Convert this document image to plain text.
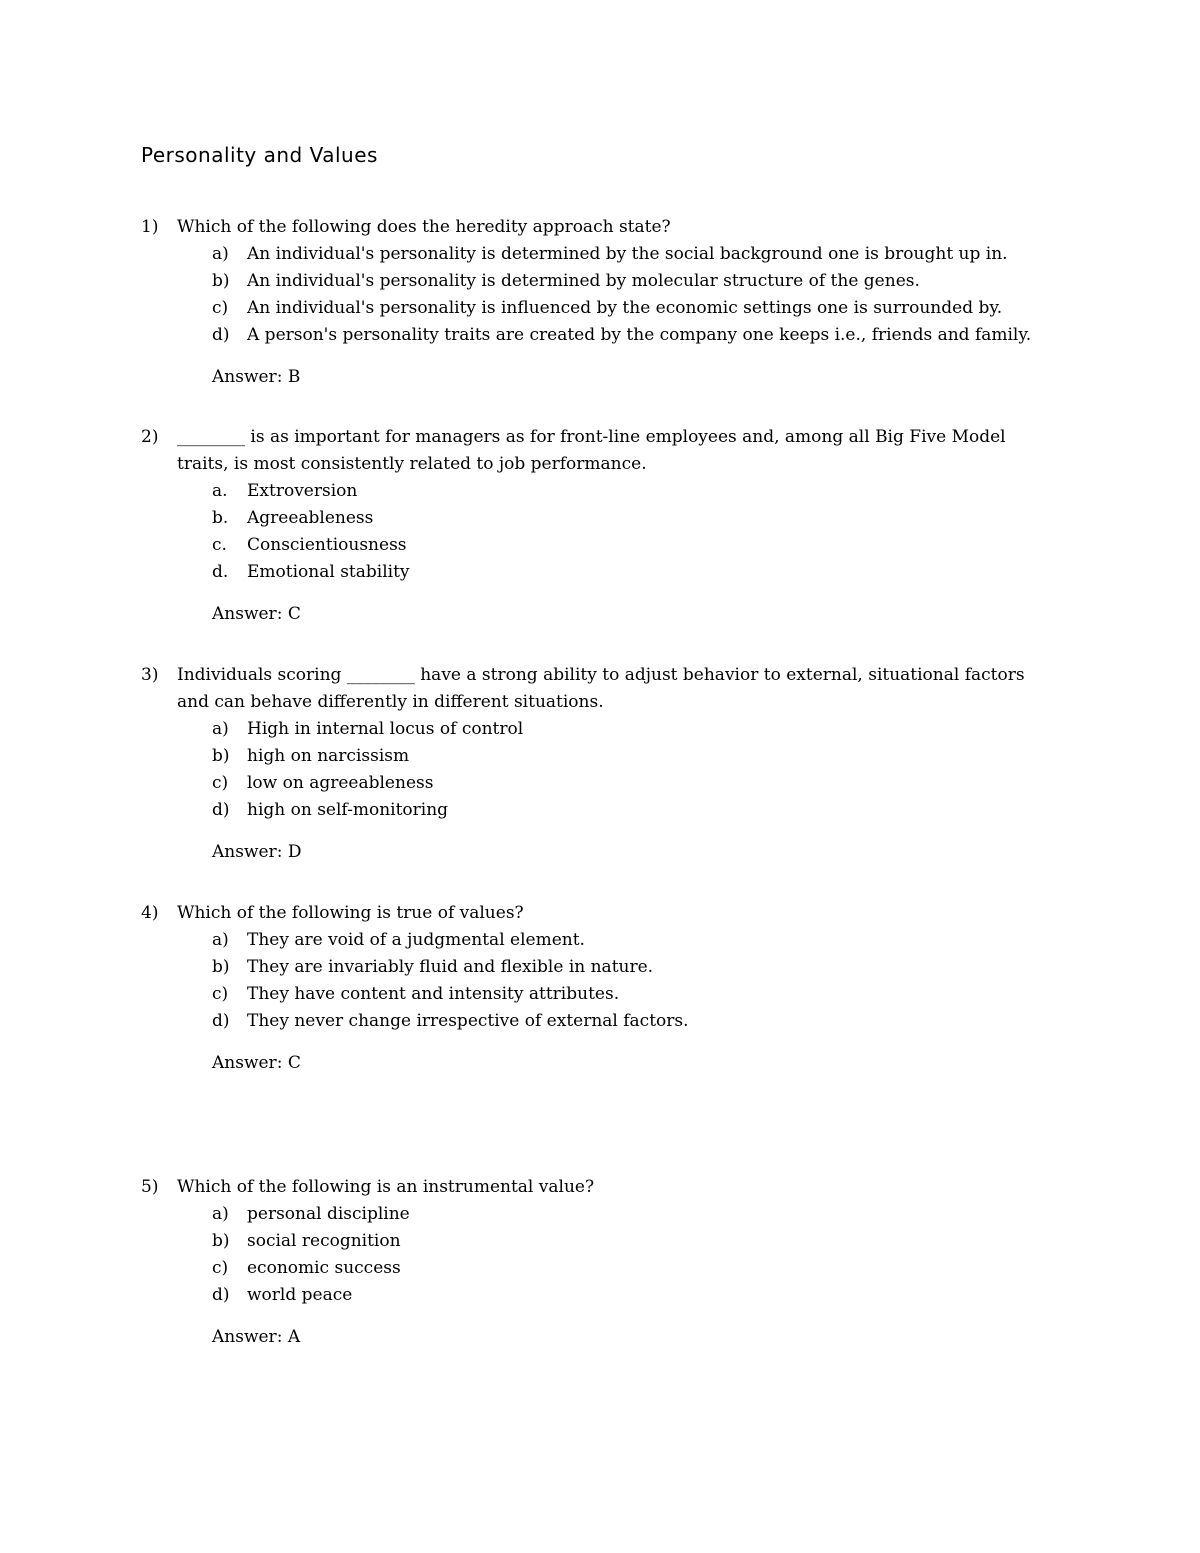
Personality and Values
1) Which of the following does the heredity approach state?
a) An individual's personality is determined by the social background one is brought up in.
b) An individual's personality is determined by molecular structure of the genes.
c) An individual's personality is influenced by the economic settings one is surrounded by.
d) A person's personality traits are created by the company one keeps i.e., friends and family.
Answer: B
2) ________ is as important for managers as for front-line employees and, among all Big Five Model
traits, is most consistently related to job performance.
a. Extroversion
b. Agreeableness
c. Conscientiousness
d. Emotional stability
Answer: C
3) Individuals scoring ________ have a strong ability to adjust behavior to external, situational factors
and can behave differently in different situations.
a) High in internal locus of control
b) high on narcissism
c) low on agreeableness
d) high on self-monitoring
Answer: D
4) Which of the following is true of values?
a) They are void of a judgmental element.
b) They are invariably fluid and flexible in nature.
c) They have content and intensity attributes.
d) They never change irrespective of external factors.
Answer: C
5) Which of the following is an instrumental value?
a) personal discipline
b) social recognition
c) economic success
d) world peace
Answer: A
